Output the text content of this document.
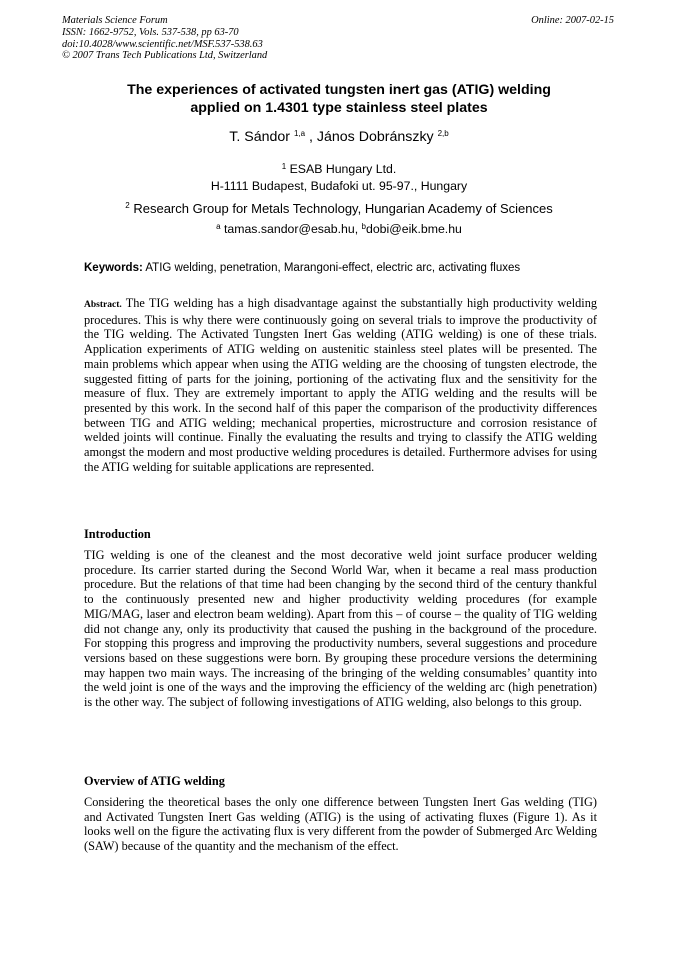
Materials Science Forum
ISSN: 1662-9752, Vols. 537-538, pp 63-70
doi:10.4028/www.scientific.net/MSF.537-538.63
© 2007 Trans Tech Publications Ltd, Switzerland
Online: 2007-02-15
The experiences of activated tungsten inert gas (ATIG) welding
applied on 1.4301 type stainless steel plates
T. Sándor $^{1,a}$ , János Dobránszky $^{2,b}$
$^1$ ESAB Hungary Ltd.
H-1111 Budapest, Budafoki ut. 95-97., Hungary
$^2$ Research Group for Metals Technology, Hungarian Academy of Sciences
$^a$ tamas.sandor@esab.hu, $^b$dobi@eik.bme.hu
Keywords: ATIG welding, penetration, Marangoni-effect, electric arc, activating fluxes
Abstract. The TIG welding has a high disadvantage against the substantially high productivity welding procedures. This is why there were continuously going on several trials to improve the productivity of the TIG welding. The Activated Tungsten Inert Gas welding (ATIG welding) is one of these trials. Application experiments of ATIG welding on austenitic stainless steel plates will be presented. The main problems which appear when using the ATIG welding are the choosing of tungsten electrode, the suggested fitting of parts for the joining, portioning of the activating flux and the sensitivity for the measure of flux. They are extremely important to apply the ATIG welding and the results will be presented by this work. In the second half of this paper the comparison of the productivity differences between TIG and ATIG welding; mechanical properties, microstructure and corrosion resistance of welded joints will continue. Finally the evaluating the results and trying to classify the ATIG welding amongst the modern and most productive welding procedures is detailed. Furthermore advises for using the ATIG welding for suitable applications are represented.
Introduction
TIG welding is one of the cleanest and the most decorative weld joint surface producer welding procedure. Its carrier started during the Second World War, when it became a real mass production procedure. But the relations of that time had been changing by the second third of the century thankful to the continuously presented new and higher productivity welding procedures (for example MIG/MAG, laser and electron beam welding). Apart from this – of course – the quality of TIG welding did not change any, only its productivity that caused the pushing in the background of the procedure. For stopping this progress and improving the productivity numbers, several suggestions and procedure versions based on these suggestions were born. By grouping these procedure versions the determining may happen two main ways. The increasing of the bringing of the welding consumables’ quantity into the weld joint is one of the ways and the improving the efficiency of the welding arc (high penetration) is the other way. The subject of following investigations of ATIG welding, also belongs to this group.
Overview of ATIG welding
Considering the theoretical bases the only one difference between Tungsten Inert Gas welding (TIG) and Activated Tungsten Inert Gas welding (ATIG) is the using of activating fluxes (Figure 1). As it looks well on the figure the activating flux is very different from the powder of Submerged Arc Welding (SAW) because of the quantity and the mechanism of the effect.
